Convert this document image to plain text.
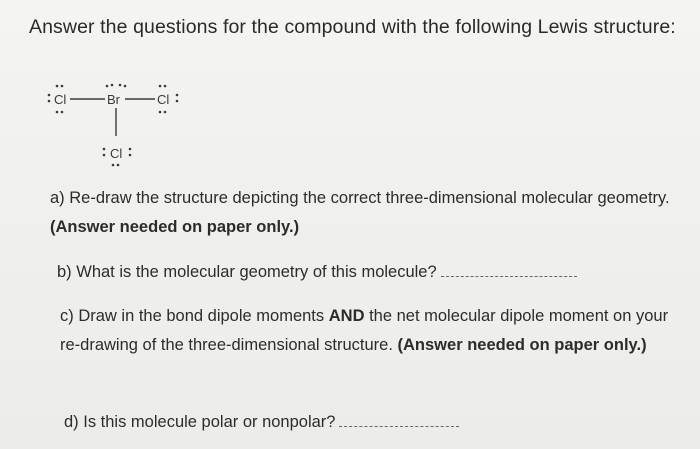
Answer the questions for the compound with the following Lewis structure:
Cl	Br	Cl
Cl
a) Re-draw the structure depicting the correct three-dimensional molecular geometry. (Answer needed on paper only.)
b) What is the molecular geometry of this molecule?
c) Draw in the bond dipole moments AND the net molecular dipole moment on your re-drawing of the three-dimensional structure. (Answer needed on paper only.)
d) Is this molecule polar or nonpolar?
